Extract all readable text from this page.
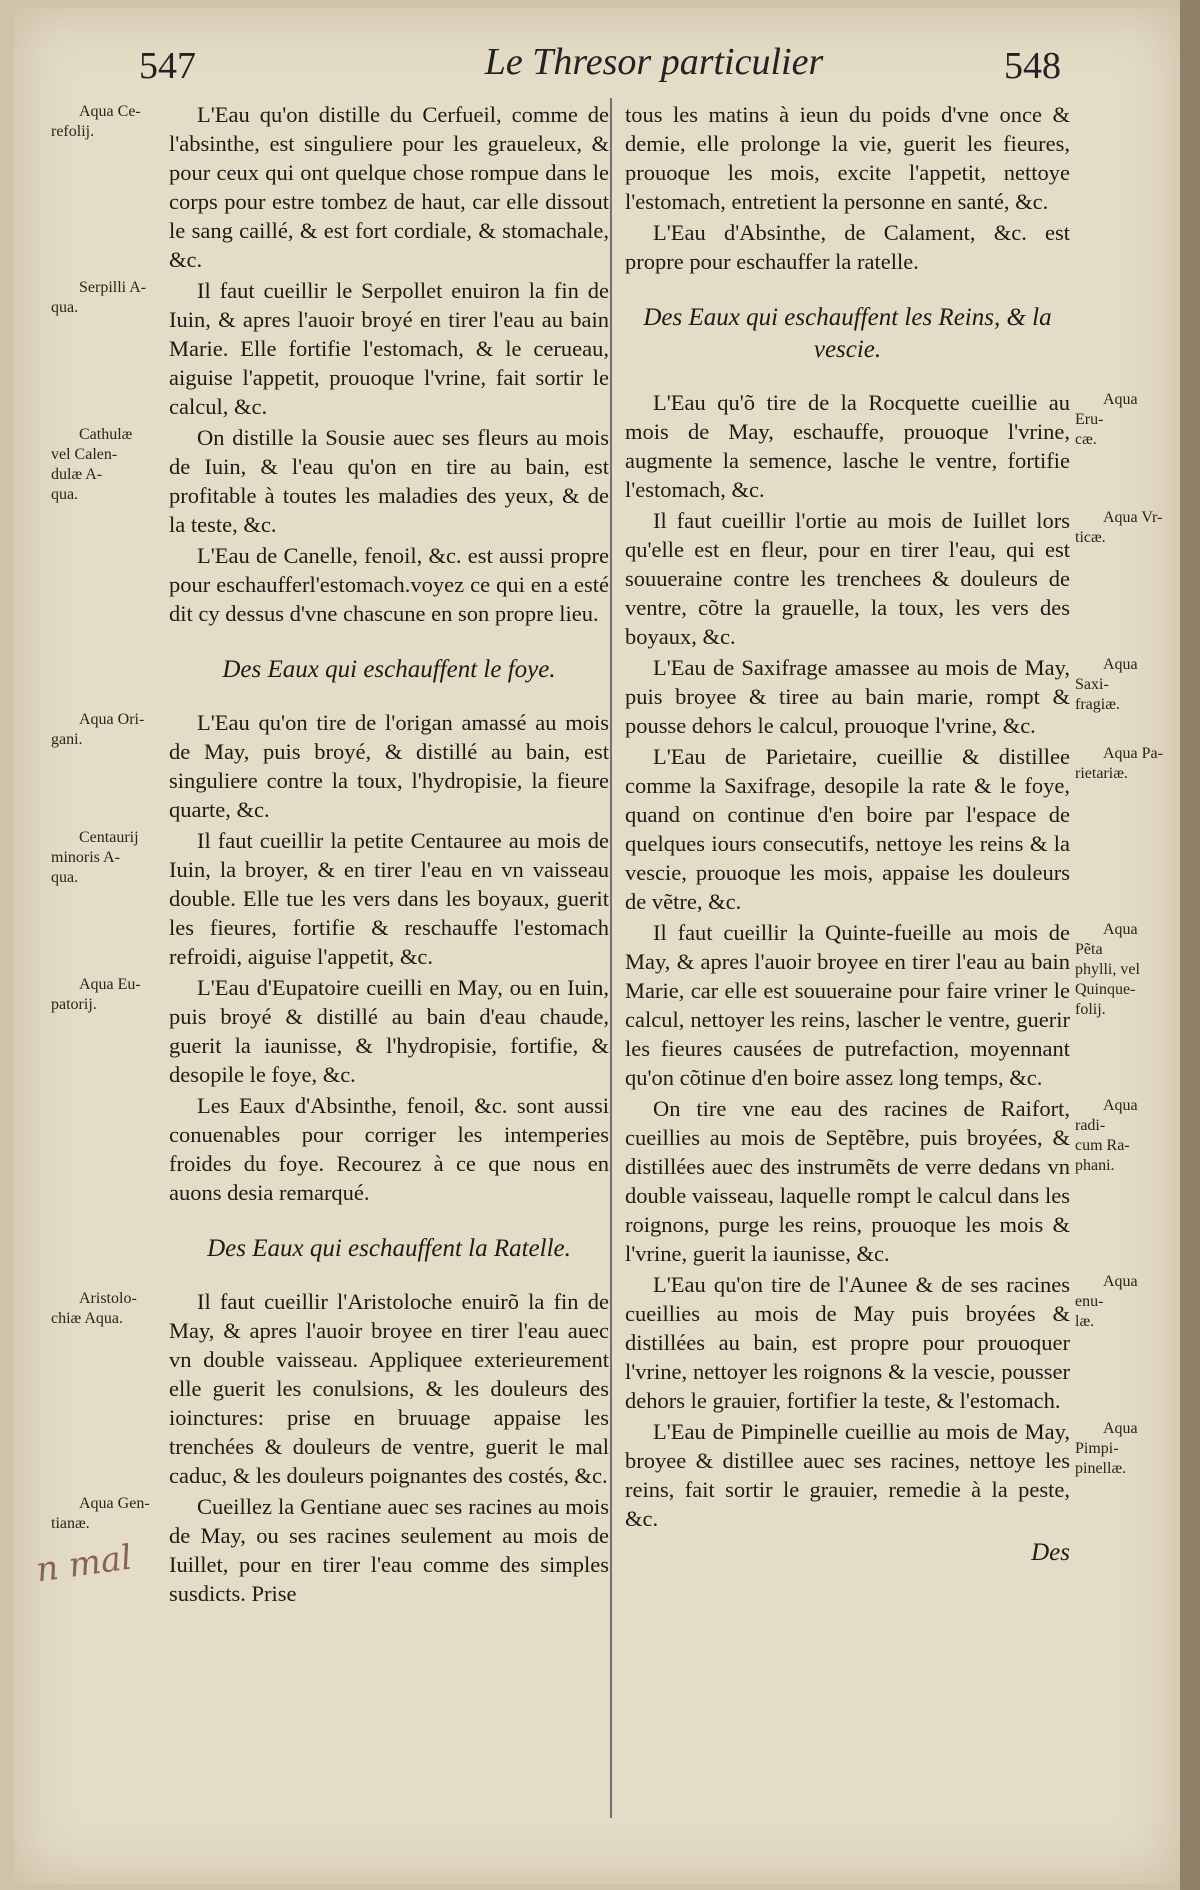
547	Le Thresor particulier	548
L'Eau qu'on distille du Cerfueil, comme de l'absinthe, est singuliere pour les graueleux, & pour ceux qui ont quelque chose rompue dans le corps pour estre tombez de haut, car elle dissout le sang caillé, & est fort cordiale, & stomachale, &c.
Aqua Ce-
refolij.
Il faut cueillir le Serpollet enuiron la fin de Iuin, & apres l'auoir broyé en tirer l'eau au bain Marie. Elle fortifie l'estomach, & le cerueau, aiguise l'appetit, prouoque l'vrine, fait sortir le calcul, &c.
Serpilli A-
qua.
On distille la Sousie auec ses fleurs au mois de Iuin, & l'eau qu'on en tire au bain, est profitable à toutes les maladies des yeux, & de la teste, &c.
Cathulæ
vel Calen-
dulæ A-
qua.
L'Eau de Canelle, fenoil, &c. est aussi propre pour eschaufferl'estomach.voyez ce qui en a esté dit cy dessus d'vne chascune en son propre lieu.
Des Eaux qui eschauffent le foye.
L'Eau qu'on tire de l'origan amassé au mois de May, puis broyé, & distillé au bain, est singuliere contre la toux, l'hydropisie, la fieure quarte, &c.
Aqua Ori-
gani.
Il faut cueillir la petite Centauree au mois de Iuin, la broyer, & en tirer l'eau en vn vaisseau double. Elle tue les vers dans les boyaux, guerit les fieures, fortifie & reschauffe l'estomach refroidi, aiguise l'appetit, &c.
Centaurij
minoris A-
qua.
L'Eau d'Eupatoire cueilli en May, ou en Iuin, puis broyé & distillé au bain d'eau chaude, guerit la iaunisse, & l'hydropisie, fortifie, & desopile le foye, &c.
Aqua Eu-
patorij.
Les Eaux d'Absinthe, fenoil, &c. sont aussi conuenables pour corriger les intemperies froides du foye. Recourez à ce que nous en auons desia remarqué.
Des Eaux qui eschauffent la Ratelle.
Il faut cueillir l'Aristoloche enuirõ la fin de May, & apres l'auoir broyee en tirer l'eau auec vn double vaisseau. Appliquee exterieurement elle guerit les conulsions, & les douleurs des ioinctures: prise en bruuage appaise les trenchées & douleurs de ventre, guerit le mal caduc, & les douleurs poignantes des costés, &c.
Aristolo-
chiæ Aqua.
Cueillez la Gentiane auec ses racines au mois de May, ou ses racines seulement au mois de Iuillet, pour en tirer l'eau comme des simples susdicts. Prise
Aqua Gen-
tianæ.
tous les matins à ieun du poids d'vne once & demie, elle prolonge la vie, guerit les fieures, prouoque les mois, excite l'appetit, nettoye l'estomach, entretient la personne en santé, &c.
L'Eau d'Absinthe, de Calament, &c. est propre pour eschauffer la ratelle.
Des Eaux qui eschauffent les Reins, & la vescie.
L'Eau qu'õ tire de la Rocquette cueillie au mois de May, eschauffe, prouoque l'vrine, augmente la semence, lasche le ventre, fortifie l'estomach, &c.
Aqua Eru-
cæ.
Il faut cueillir l'ortie au mois de Iuillet lors qu'elle est en fleur, pour en tirer l'eau, qui est souueraine contre les trenchees & douleurs de ventre, cõtre la grauelle, la toux, les vers des boyaux, &c.
Aqua Vr-
ticæ.
L'Eau de Saxifrage amassee au mois de May, puis broyee & tiree au bain marie, rompt & pousse dehors le calcul, prouoque l'vrine, &c.
Aqua Saxi-
fragiæ.
L'Eau de Parietaire, cueillie & distillee comme la Saxifrage, desopile la rate & le foye, quand on continue d'en boire par l'espace de quelques iours consecutifs, nettoye les reins & la vescie, prouoque les mois, appaise les douleurs de vẽtre, &c.
Aqua Pa-
rietariæ.
Il faut cueillir la Quinte-fueille au mois de May, & apres l'auoir broyee en tirer l'eau au bain Marie, car elle est souueraine pour faire vriner le calcul, nettoyer les reins, lascher le ventre, guerir les fieures causées de putrefaction, moyennant qu'on cõtinue d'en boire assez long temps, &c.
Aqua Pẽta
phylli, vel
Quinque-
folij.
On tire vne eau des racines de Raifort, cueillies au mois de Septẽbre, puis broyées, & distillées auec des instrumẽts de verre dedans vn double vaisseau, laquelle rompt le calcul dans les roignons, purge les reins, prouoque les mois & l'vrine, guerit la iaunisse, &c.
Aqua radi-
cum Ra-
phani.
L'Eau qu'on tire de l'Aunee & de ses racines cueillies au mois de May puis broyées & distillées au bain, est propre pour prouoquer l'vrine, nettoyer les roignons & la vescie, pousser dehors le grauier, fortifier la teste, & l'estomach.
Aqua enu-
læ.
L'Eau de Pimpinelle cueillie au mois de May, broyee & distillee auec ses racines, nettoye les reins, fait sortir le grauier, remedie à la peste, &c.
Aqua Pimpi-
pinellæ.
Des
n mal
